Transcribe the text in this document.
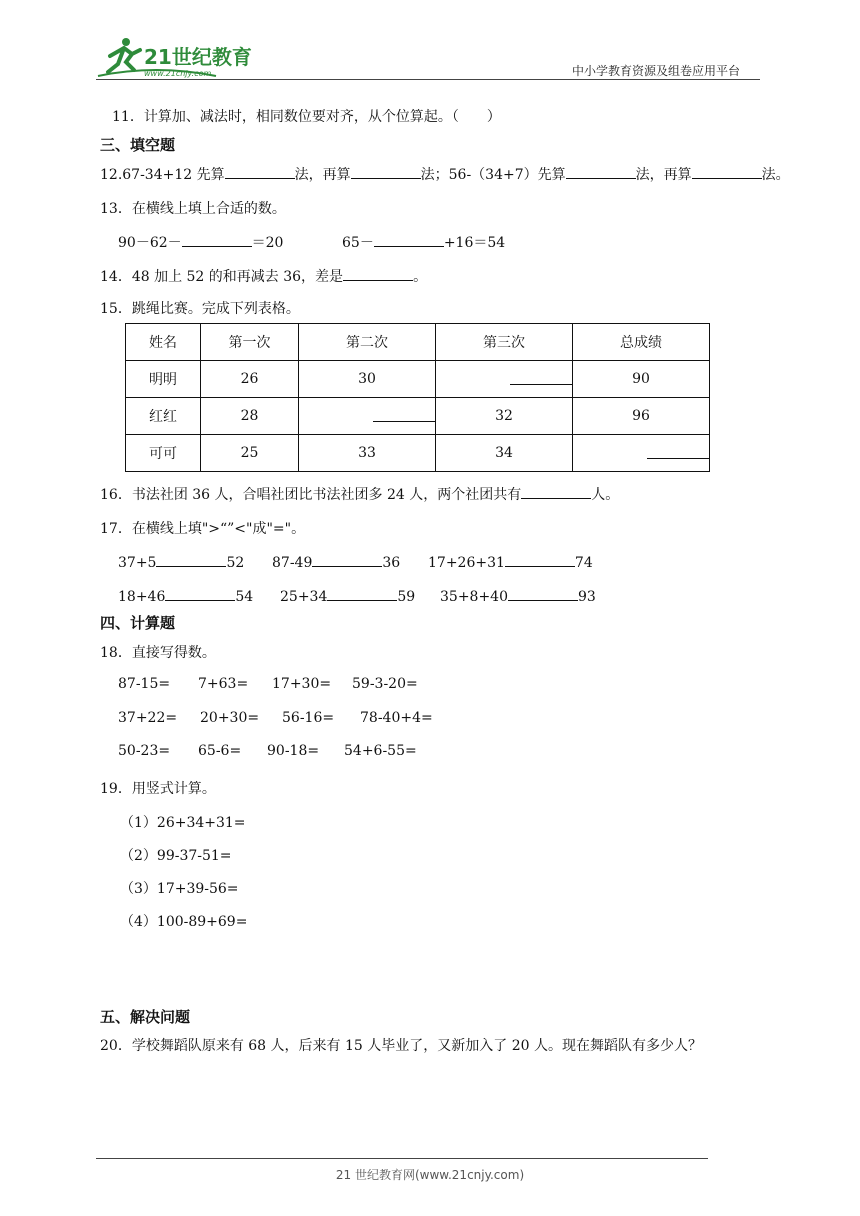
21世纪教育
www.21cnjy.com	中小学教育资源及组卷应用平台
11．计算加、减法时，相同数位要对齐，从个位算起。（　　）
三、填空题
12.67-34+12 先算	法，再算	法；56-（34+7）先算	法，再算	法。
13．在横线上填上合适的数。
90－62－	＝20	65－	+16＝54
14．48 加上 52 的和再减去 36，差是	。
15．跳绳比赛。完成下列表格。
姓名	第一次	第二次	第三次	总成绩
明明	26	30		90
红红	28		32	96
可可	25	33	34	
16．书法社团 36 人，合唱社团比书法社团多 24 人，两个社团共有	人。
17．在横线上填">“”<"成"="。
37+5	52 87-49	36 17+26+31	74
18+46	54 25+34	59 35+8+40	93
四、计算题
18．直接写得数。
87-15= 7+63= 17+30= 59-3-20=
37+22= 20+30= 56-16= 78-40+4=
50-23= 65-6= 90-18= 54+6-55=
19．用竖式计算。
（1）26+34+31=
（2）99-37-51=
（3）17+39-56=
（4）100-89+69=
五、解决问题
20．学校舞蹈队原来有 68 人，后来有 15 人毕业了，又新加入了 20 人。现在舞蹈队有多少人？
21 世纪教育网(www.21cnjy.com)
